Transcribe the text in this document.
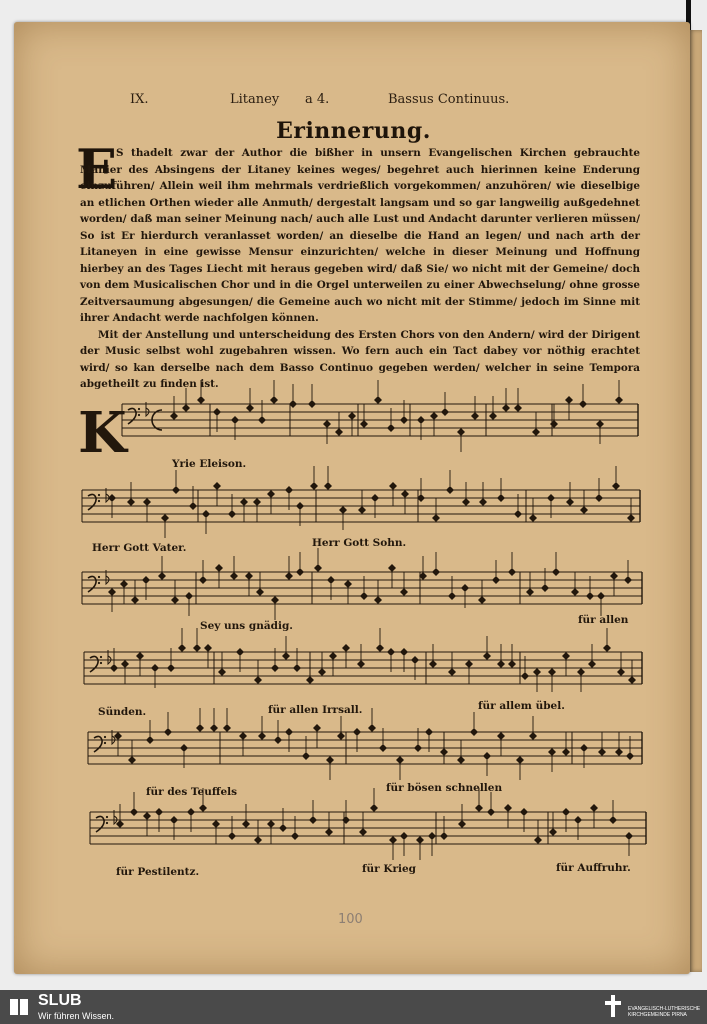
IX.	Litaney a 4.	Bassus Continuus.
Erinnerung.
E

S thadelt zwar der Author die bißher in unsern Evangelischen Kirchen gebrauchte Manier des Absingens der Litaney keines weges/ begehret auch hierinnen keine Enderung einzuführen/ Allein weil ihm mehrmals verdrießlich vorgekommen/ anzuhören/ wie dieselbige an etlichen Orthen wieder alle Anmuth/ dergestalt langsam und so gar langweilig außgedehnet worden/ daß man seiner Meinung nach/ auch alle Lust und Andacht darunter verlieren müssen/ So ist Er hierdurch veranlasset worden/ an dieselbe die Hand an legen/ und nach arth der Litaneyen in eine gewisse Mensur einzurichten/ welche in dieser Meinung und Hoffnung hierbey an des Tages Liecht mit heraus gegeben wird/ daß Sie/ wo nicht mit der Gemeine/ doch von dem Musicalischen Chor und in die Orgel unterweilen zu einer Abwechselung/ ohne grosse Zeitversaumung abgesungen/ die Gemeine auch wo nicht mit der Stimme/ jedoch im Sinne mit ihrer Andacht werde nachfolgen können.

Mit der Anstellung und unterscheidung des Ersten Chors von den Andern/ wird der Dirigent der Music selbst wohl zugebahren wissen. Wo fern auch ein Tact dabey vor nöthig erachtet wird/ so kan derselbe nach dem Basso Continuo gegeben werden/ welcher in seine Tempora abgetheilt zu finden ist.

K	Yrie Eleison.
Herr Gott Vater.	Herr Gott Sohn.
Sey uns gnädig.	für allen
Sünden.	für allen Irrsall.	für allem übel.
für des Teuffels	für bösen schnellen
für Pestilentz.	für Krieg	für Auffruhr.
100
SLUB
Wir führen Wissen.
EVANGELISCH-LUTHERISCHE KIRCHGEMEINDE PIRNA
